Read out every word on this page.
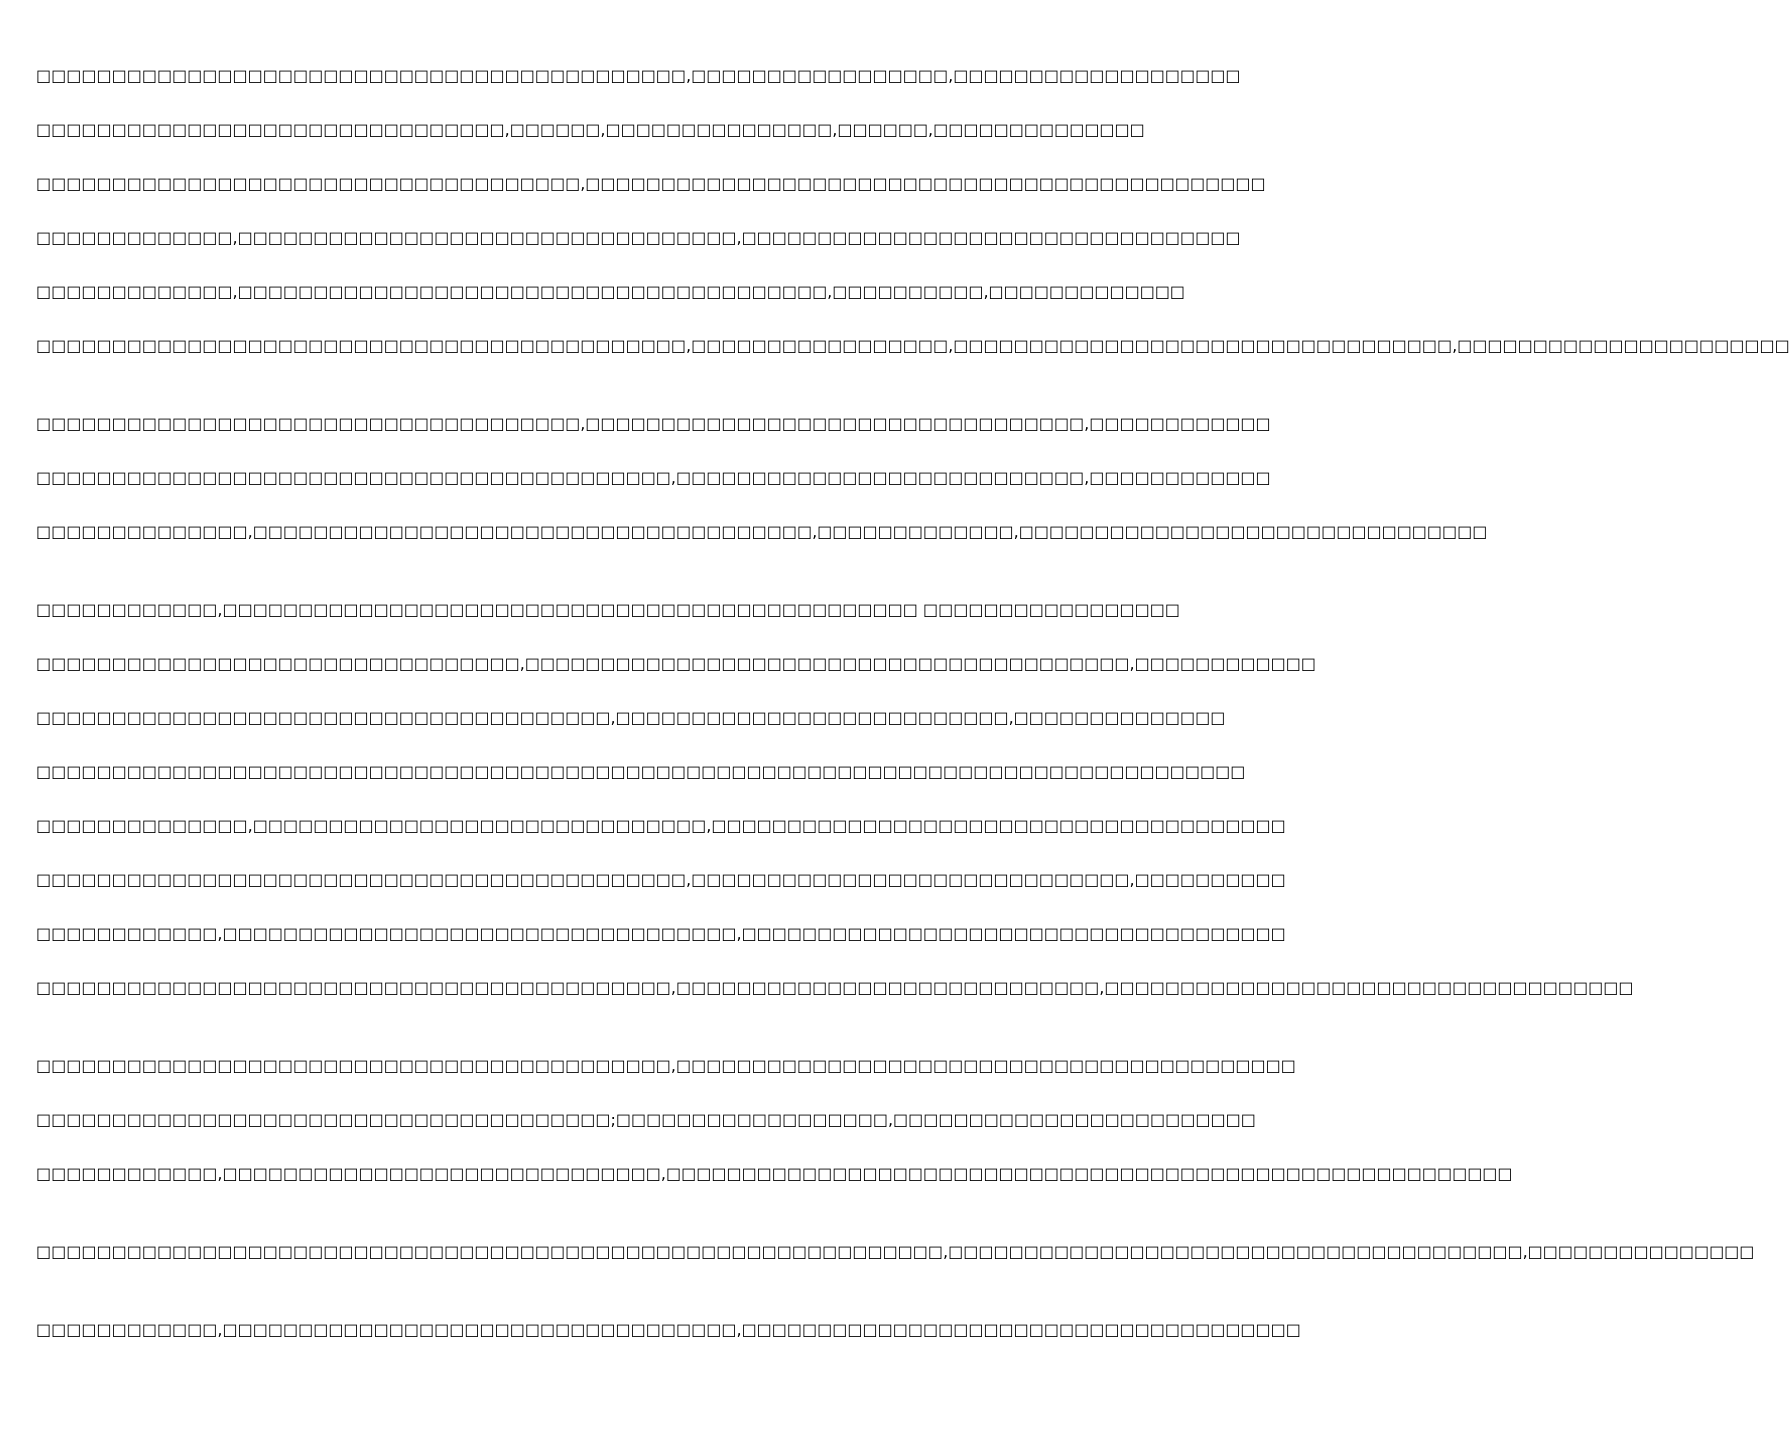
□□□□□□□□□□□□□□□□□□□□□□□□□□□□□□□□□□□□□□□□□□□,□□□□□□□□□□□□□□□□□,□□□□□□□□□□□□□□□□□□□

□□□□□□□□□□□□□□□□□□□□□□□□□□□□□□□,□□□□□□,□□□□□□□□□□□□□□□,□□□□□□,□□□□□□□□□□□□□□

□□□□□□□□□□□□□□□□□□□□□□□□□□□□□□□□□□□□,□□□□□□□□□□□□□□□□□□□□□□□□□□□□□□□□□□□□□□□□□□□□□

□□□□□□□□□□□□□,□□□□□□□□□□□□□□□□□□□□□□□□□□□□□□□□□,□□□□□□□□□□□□□□□□□□□□□□□□□□□□□□□□□

□□□□□□□□□□□□□,□□□□□□□□□□□□□□□□□□□□□□□□□□□□□□□□□□□□□□□,□□□□□□□□□□,□□□□□□□□□□□□□

□□□□□□□□□□□□□□□□□□□□□□□□□□□□□□□□□□□□□□□□□□□,□□□□□□□□□□□□□□□□□,□□□□□□□□□□□□□□□□□□□□□□□□□□□□□□□□□,□□□□□□□□□□□□□□□□□□□□□□

□□□□□□□□□□□□□□□□□□□□□□□□□□□□□□□□□□□□,□□□□□□□□□□□□□□□□□□□□□□□□□□□□□□□□□,□□□□□□□□□□□□

□□□□□□□□□□□□□□□□□□□□□□□□□□□□□□□□□□□□□□□□□□,□□□□□□□□□□□□□□□□□□□□□□□□□□□,□□□□□□□□□□□□

□□□□□□□□□□□□□□,□□□□□□□□□□□□□□□□□□□□□□□□□□□□□□□□□□□□□,□□□□□□□□□□□□□,□□□□□□□□□□□□□□□□□□□□□□□□□□□□□□□

□□□□□□□□□□□□,□□□□□□□□□□□□□□□□□□□□□□□□□□□□□□□□□□□□□□□□□□□□□□ □□□□□□□□□□□□□□□□□

□□□□□□□□□□□□□□□□□□□□□□□□□□□□□□□□,□□□□□□□□□□□□□□□□□□□□□□□□□□□□□□□□□□□□□□□□,□□□□□□□□□□□□

□□□□□□□□□□□□□□□□□□□□□□□□□□□□□□□□□□□□□□,□□□□□□□□□□□□□□□□□□□□□□□□□□,□□□□□□□□□□□□□□

□□□□□□□□□□□□□□□□□□□□□□□□□□□□□□□□□□□□□□□□□□□□□□□□□□□□□□□□□□□□□□□□□□□□□□□□□□□□□□□□

□□□□□□□□□□□□□□,□□□□□□□□□□□□□□□□□□□□□□□□□□□□□□,□□□□□□□□□□□□□□□□□□□□□□□□□□□□□□□□□□□□□□

□□□□□□□□□□□□□□□□□□□□□□□□□□□□□□□□□□□□□□□□□□□,□□□□□□□□□□□□□□□□□□□□□□□□□□□□□,□□□□□□□□□□

□□□□□□□□□□□□,□□□□□□□□□□□□□□□□□□□□□□□□□□□□□□□□□□,□□□□□□□□□□□□□□□□□□□□□□□□□□□□□□□□□□□□

□□□□□□□□□□□□□□□□□□□□□□□□□□□□□□□□□□□□□□□□□□,□□□□□□□□□□□□□□□□□□□□□□□□□□□□,□□□□□□□□□□□□□□□□□□□□□□□□□□□□□□□□□□□

□□□□□□□□□□□□□□□□□□□□□□□□□□□□□□□□□□□□□□□□□□,□□□□□□□□□□□□□□□□□□□□□□□□□□□□□□□□□□□□□□□□□

□□□□□□□□□□□□□□□□□□□□□□□□□□□□□□□□□□□□□□;□□□□□□□□□□□□□□□□□□,□□□□□□□□□□□□□□□□□□□□□□□□

□□□□□□□□□□□□,□□□□□□□□□□□□□□□□□□□□□□□□□□□□□,□□□□□□□□□□□□□□□□□□□□□□□□□□□□□□□□□□□□□□□□□□□□□□□□□□□□□□□□

□□□□□□□□□□□□□□□□□□□□□□□□□□□□□□□□□□□□□□□□□□□□□□□□□□□□□□□□□□□□,□□□□□□□□□□□□□□□□□□□□□□□□□□□□□□□□□□□□□□,□□□□□□□□□□□□□□□

□□□□□□□□□□□□,□□□□□□□□□□□□□□□□□□□□□□□□□□□□□□□□□□,□□□□□□□□□□□□□□□□□□□□□□□□□□□□□□□□□□□□□
